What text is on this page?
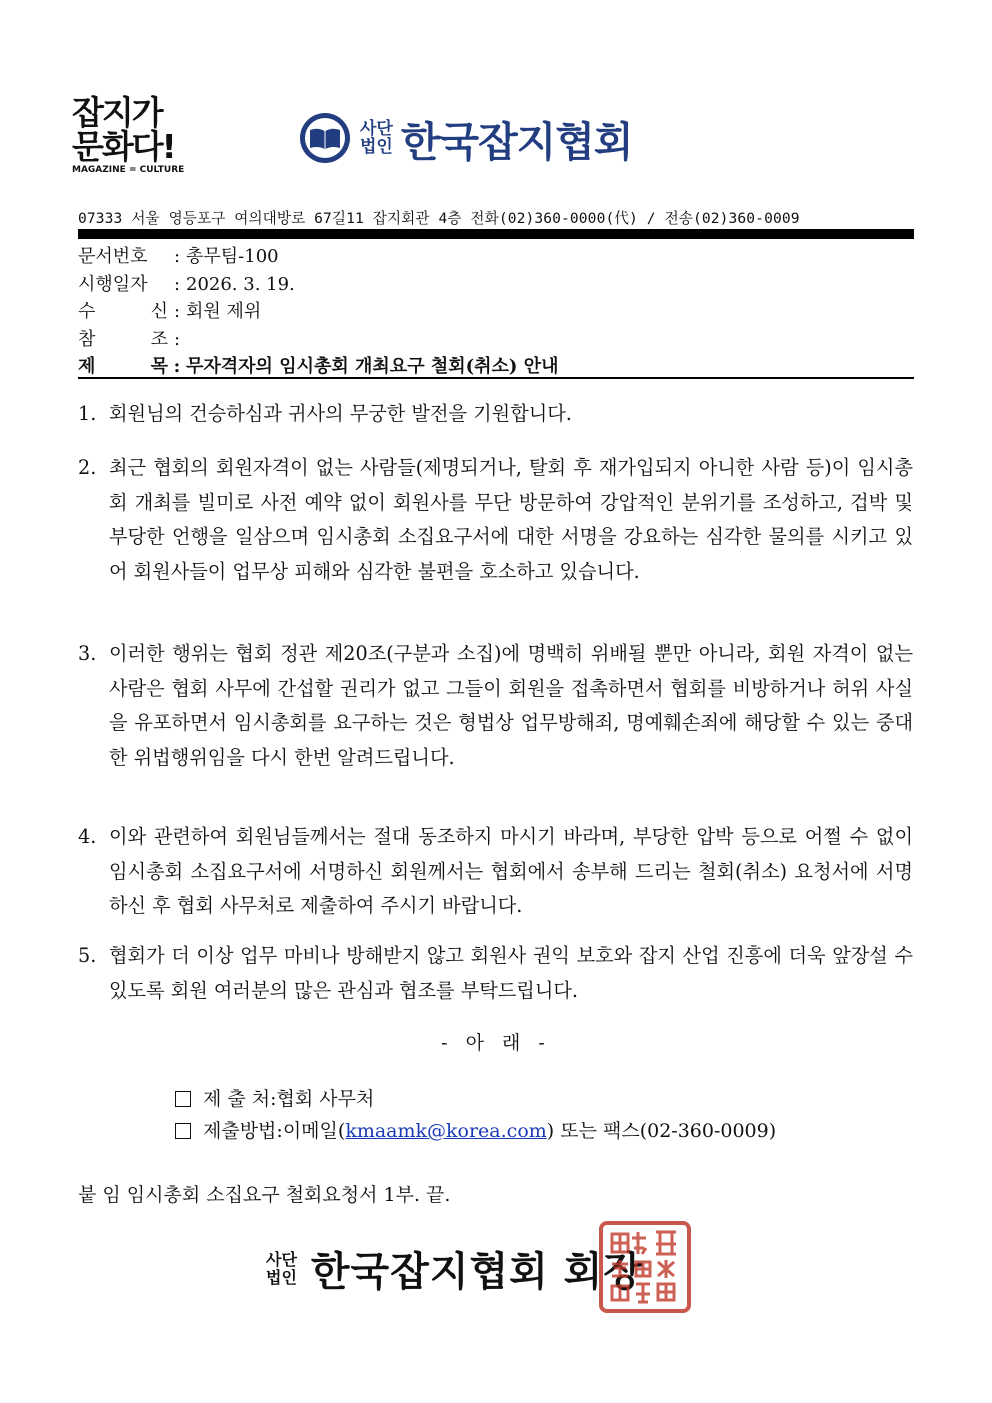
잡지가
문화다!
MAGAZINE = CULTURE
사단
법인 한국잡지협회
07333 서울 영등포구 여의대방로 67길11 잡지회관 4층 전화(02)360-0000(代) / 전송(02)360-0009
문서번호	: 총무팀-100
시행일자	: 2026. 3. 19.
수	신 : 회원 제위
참	조 :
제	목 : 무자격자의 임시총회 개최요구 철회(취소) 안내
1. 회원님의 건승하심과 귀사의 무궁한 발전을 기원합니다.
2. 최근 협회의 회원자격이 없는 사람들(제명되거나, 탈회 후 재가입되지 아니한 사람 등)이 임시총회 개최를 빌미로 사전 예약 없이 회원사를 무단 방문하여 강압적인 분위기를 조성하고, 겁박 및 부당한 언행을 일삼으며 임시총회 소집요구서에 대한 서명을 강요하는 심각한 물의를 시키고 있어 회원사들이 업무상 피해와 심각한 불편을 호소하고 있습니다.
3. 이러한 행위는 협회 정관 제20조(구분과 소집)에 명백히 위배될 뿐만 아니라, 회원 자격이 없는 사람은 협회 사무에 간섭할 권리가 없고 그들이 회원을 접촉하면서 협회를 비방하거나 허위 사실을 유포하면서 임시총회를 요구하는 것은 형법상 업무방해죄, 명예훼손죄에 해당할 수 있는 중대한 위법행위임을 다시 한번 알려드립니다.
4. 이와 관련하여 회원님들께서는 절대 동조하지 마시기 바라며, 부당한 압박 등으로 어쩔 수 없이 임시총회 소집요구서에 서명하신 회원께서는 협회에서 송부해 드리는 철회(취소) 요청서에 서명하신 후 협회 사무처로 제출하여 주시기 바랍니다.
5. 협회가 더 이상 업무 마비나 방해받지 않고 회원사 권익 보호와 잡지 산업 진흥에 더욱 앞장설 수 있도록 회원 여러분의 많은 관심과 협조를 부탁드립니다.
- 아 래 -
제 출 처: 협회 사무처
제출방법: 이메일( kmaamk@korea.com ) 또는 팩스(02-360-0009)
붙 임 임시총회 소집요구 철회요청서 1부. 끝.
사단
법인 한국잡지협회 회장
